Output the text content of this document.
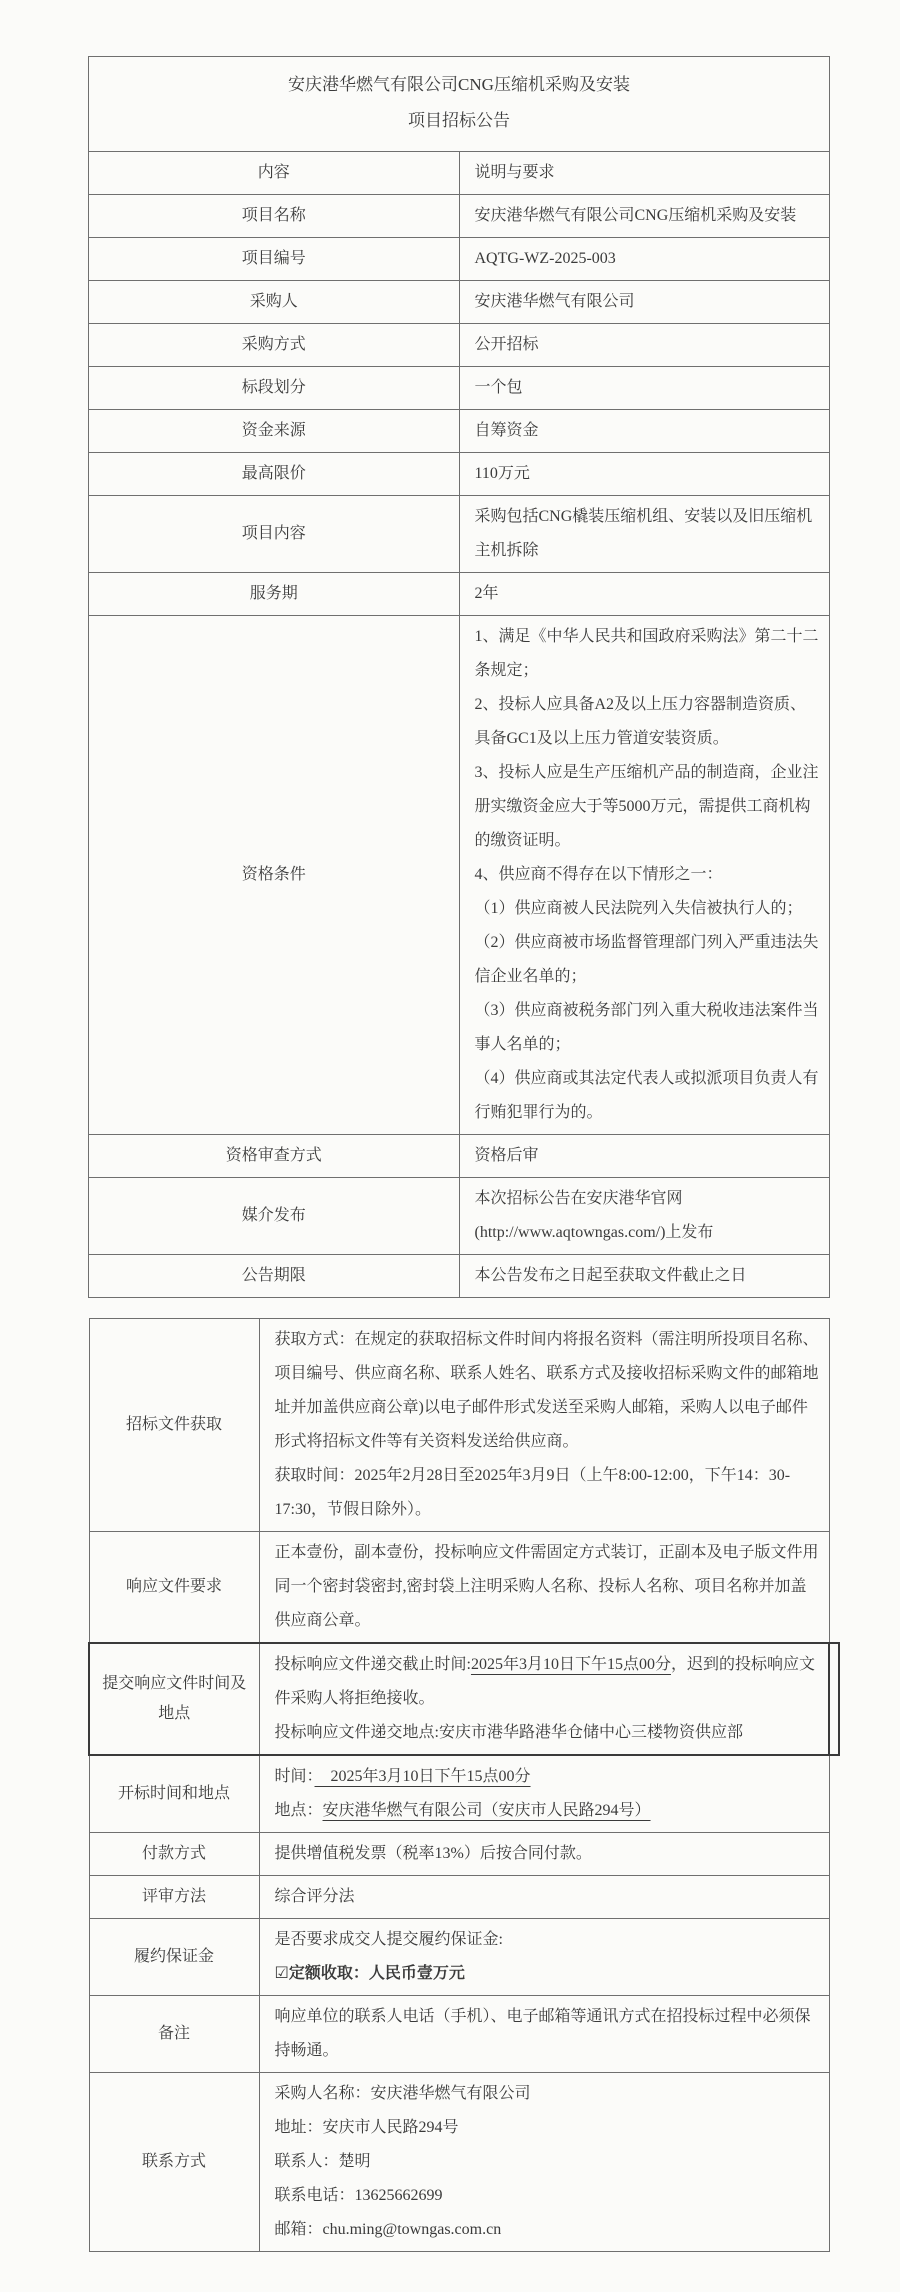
安庆港华燃气有限公司CNG压缩机采购及安装

项目招标公告	

内容	说明与要求
项目名称	安庆港华燃气有限公司CNG压缩机采购及安装
项目编号	AQTG-WZ-2025-003
采购人	安庆港华燃气有限公司
采购方式	公开招标
标段划分	一个包
资金来源	自筹资金
最高限价	110万元
项目内容	采购包括CNG橇装压缩机组、安装以及旧压缩机主机拆除
服务期	2年
资格条件	

1、满足《中华人民共和国政府采购法》第二十二条规定；

2、投标人应具备A2及以上压力容器制造资质、具备GC1及以上压力管道安装资质。

3、投标人应是生产压缩机产品的制造商，企业注册实缴资金应大于等5000万元，需提供工商机构的缴资证明。

4、供应商不得存在以下情形之一：

（1）供应商被人民法院列入失信被执行人的；

（2）供应商被市场监督管理部门列入严重违法失信企业名单的；

（3）供应商被税务部门列入重大税收违法案件当事人名单的；

（4）供应商或其法定代表人或拟派项目负责人有行贿犯罪行为的。

资格审查方式	资格后审
媒介发布	本次招标公告在安庆港华官网(http://www.aqtowngas.com/)上发布
公告期限	本公告发布之日起至获取文件截止之日
招标文件获取	获取方式：在规定的获取招标文件时间内将报名资料（需注明所投项目名称、项目编号、供应商名称、联系人姓名、联系方式及接收招标采购文件的邮箱地址并加盖供应商公章)以电子邮件形式发送至采购人邮箱，采购人以电子邮件形式将招标文件等有关资料发送给供应商。

获取时间：2025年2月28日至2025年3月9日（上午8:00-12:00，下午14：30-17:30，节假日除外）。

响应文件要求	正本壹份，副本壹份，投标响应文件需固定方式装订，正副本及电子版文件用同一个密封袋密封,密封袋上注明采购人名称、投标人名称、项目名称并加盖供应商公章。
提交响应文件时间及地点	投标响应文件递交截止时间:2025年3月10日下午15点00分，迟到的投标响应文件采购人将拒绝接收。

投标响应文件递交地点:安庆市港华路港华仓储中心三楼物资供应部

开标时间和地点	时间：　2025年3月10日下午15点00分

地点：安庆港华燃气有限公司（安庆市人民路294号）

付款方式	提供增值税发票（税率13%）后按合同付款。
评审方法	综合评分法
履约保证金	是否要求成交人提交履约保证金:

☑定额收取：人民币壹万元

备注	响应单位的联系人电话（手机）、电子邮箱等通讯方式在招投标过程中必须保持畅通。
联系方式	采购人名称：安庆港华燃气有限公司

地址：安庆市人民路294号

联系人：楚明

联系电话：13625662699

邮箱：chu.ming@towngas.com.cn
